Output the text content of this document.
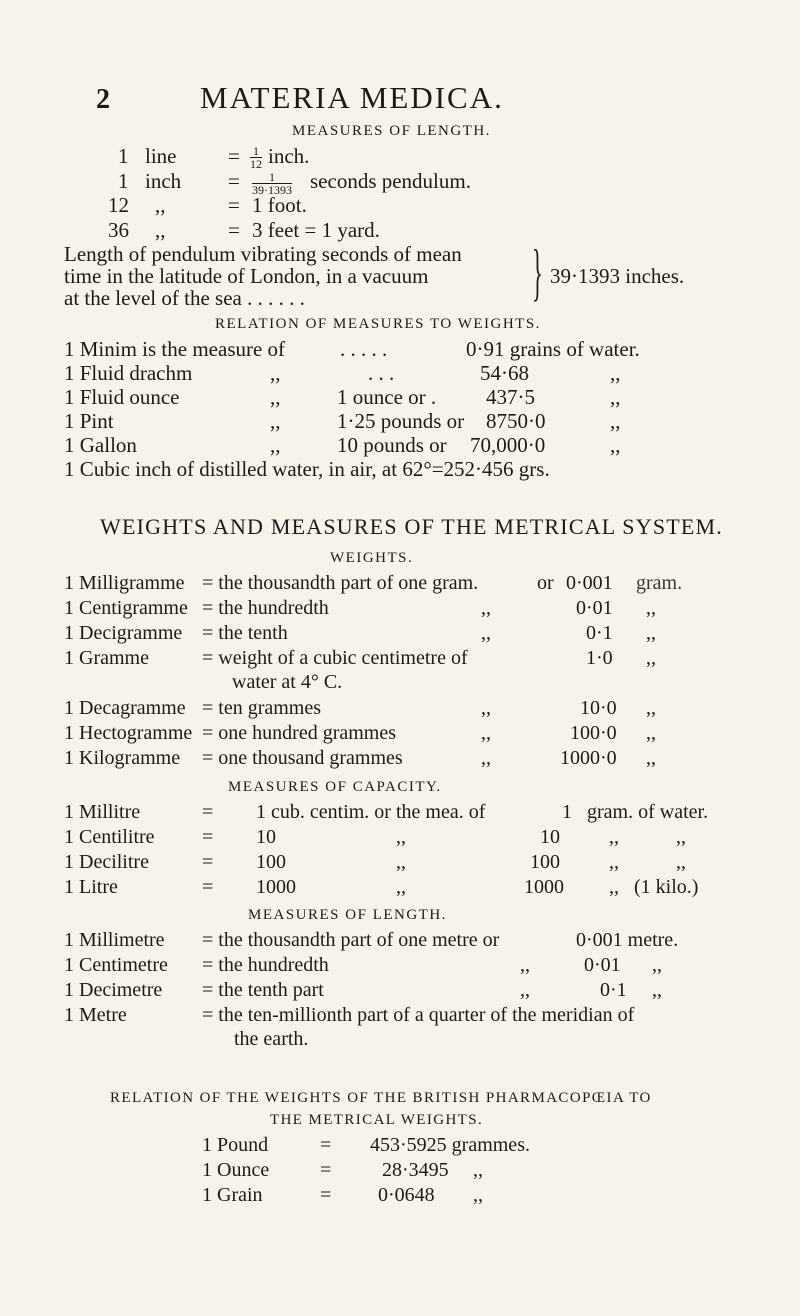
2	MATERIA MEDICA.
MEASURES OF LENGTH.
1 line = $\frac{1}{12}$ inch.
1 inch = $\frac{1}{39\cdot 1393}$ seconds pendulum.
12 ,,	= 1 foot.
36 ,,	= 3 feet = 1 yard.
Length of pendulum vibrating seconds of mean
time in the latitude of London, in a vacuum
at the level of the sea . . . . . .	} 39·1393 inches.
RELATION OF MEASURES TO WEIGHTS.
1 Minim is the measure of	. . . . .	0·91 grains of water.
1 Fluid drachm	,,	. . .	54·68	,,
1 Fluid ounce	,,	1 ounce or . 437·5	,,
1 Pint	,,	1·25 pounds or 8750·0	,,
1 Gallon	,,	10 pounds or 70,000·0	,,
1 Cubic inch of distilled water, in air, at 62°=252·456 grs.
WEIGHTS AND MEASURES OF THE METRICAL SYSTEM.
WEIGHTS.
1 Milligramme = the thousandth part of one gram.	or 0·001 gram.
1 Centigramme = the hundredth	,,	0·01 ,,
1 Decigramme = the tenth	,,	0·1 ,,
1 Gramme	= weight of a cubic centimetre of	1·0 ,,
water at 4° C.
1 Decagramme = ten grammes	,,	10·0 ,,
1 Hectogramme = one hundred grammes	,,	100·0 ,,
1 Kilogramme = one thousand grammes	,,	1000·0 ,,
MEASURES OF CAPACITY.
1 Millitre	= 1 cub. centim. or the mea. of	1 gram. of water.
1 Centilitre = 10	,,	10 ,,	,,
1 Decilitre	= 100	,,	100 ,,	,,
1 Litre	= 1000	,,	1000 ,, (1 kilo.)
MEASURES OF LENGTH.
1 Millimetre = the thousandth part of one metre or	0·001 metre.
1 Centimetre = the hundredth	,,	0·01 ,,
1 Decimetre = the tenth part	,,	0·1 ,,
1 Metre	= the ten-millionth part of a quarter of the meridian of
the earth.
RELATION OF THE WEIGHTS OF THE BRITISH PHARMACOPŒIA TO
THE METRICAL WEIGHTS.
1 Pound	= 453·5925 grammes.
1 Ounce	=	28·3495 ,,
1 Grain	= 0·0648 ,,
